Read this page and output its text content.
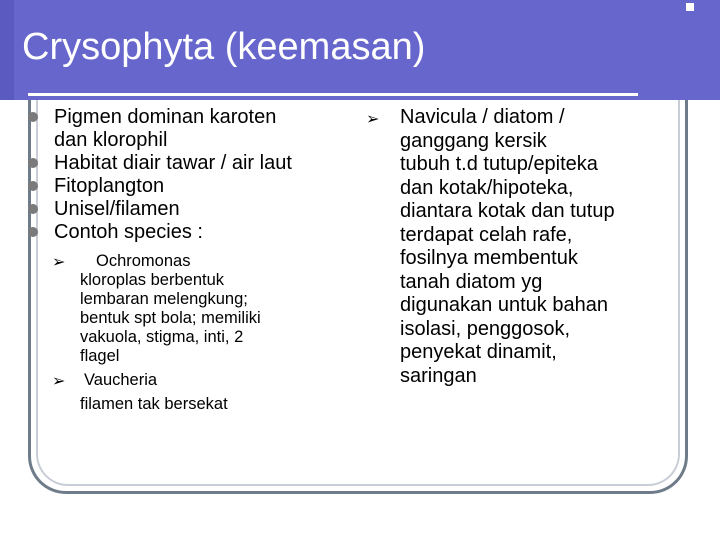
Crysophyta (keemasan)
Pigmen dominan karoten
dan klorophil
Habitat diair tawar / air laut
Fitoplangton
Unisel/filamen
Contoh species :
➢ Ochromonas
kloroplas berbentuk
lembaran melengkung;
bentuk spt bola; memiliki
vakuola, stigma, inti, 2
flagel
➢ Vaucheria
filamen tak bersekat
➢ Navicula / diatom /
ganggang kersik
tubuh t.d tutup/epiteka
dan kotak/hipoteka,
diantara kotak dan tutup
terdapat celah rafe,
fosilnya membentuk
tanah diatom yg
digunakan untuk bahan
isolasi, penggosok,
penyekat dinamit,
saringan
